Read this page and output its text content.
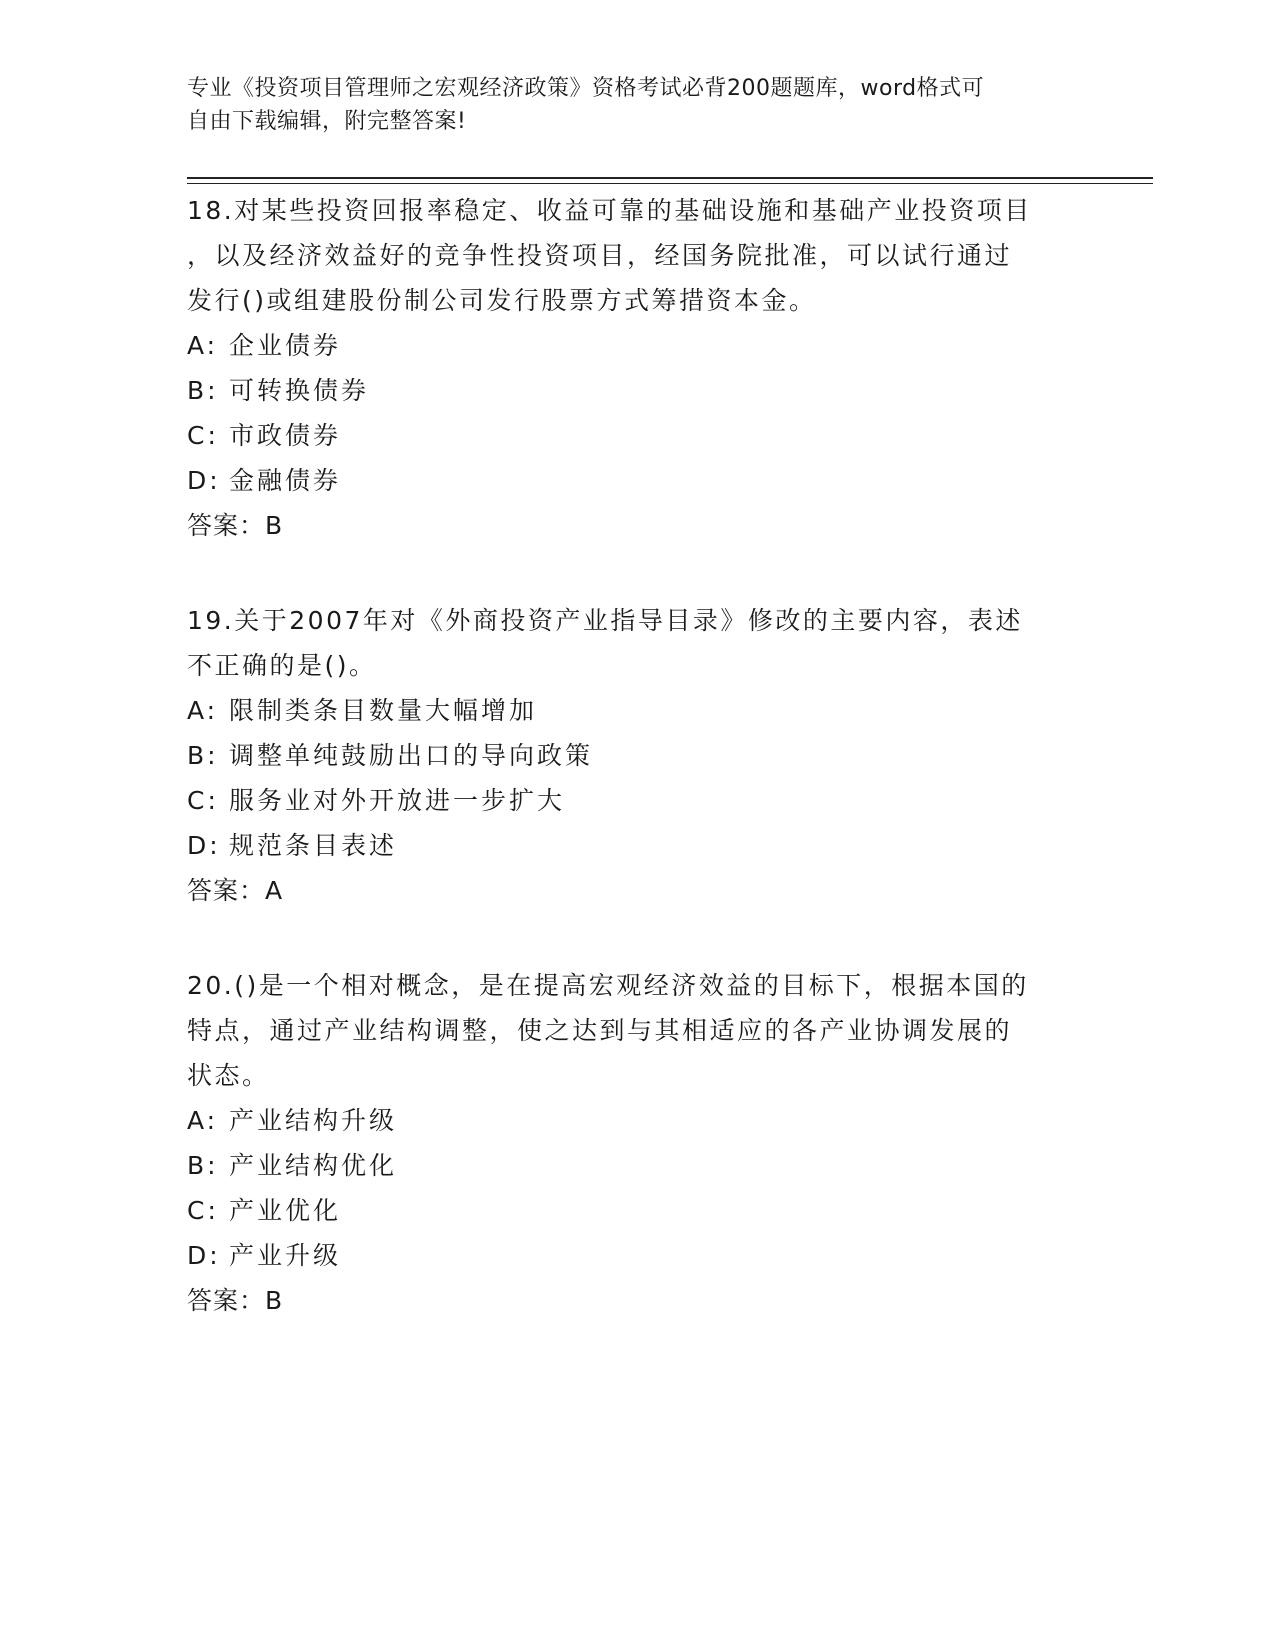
专业《投资项目管理师之宏观经济政策》资格考试必背200题题库，word格式可
自由下载编辑，附完整答案!

18.对某些投资回报率稳定、收益可靠的基础设施和基础产业投资项目

，以及经济效益好的竞争性投资项目，经国务院批准，可以试行通过

发行()或组建股份制公司发行股票方式筹措资本金。

A: 企业债券

B: 可转换债券

C: 市政债券

D: 金融债券

答案：B

19.关于2007年对《外商投资产业指导目录》修改的主要内容，表述

不正确的是()。

A: 限制类条目数量大幅增加

B: 调整单纯鼓励出口的导向政策

C: 服务业对外开放进一步扩大

D: 规范条目表述

答案：A

20.()是一个相对概念，是在提高宏观经济效益的目标下，根据本国的

特点，通过产业结构调整，使之达到与其相适应的各产业协调发展的

状态。

A: 产业结构升级

B: 产业结构优化

C: 产业优化

D: 产业升级

答案：B
